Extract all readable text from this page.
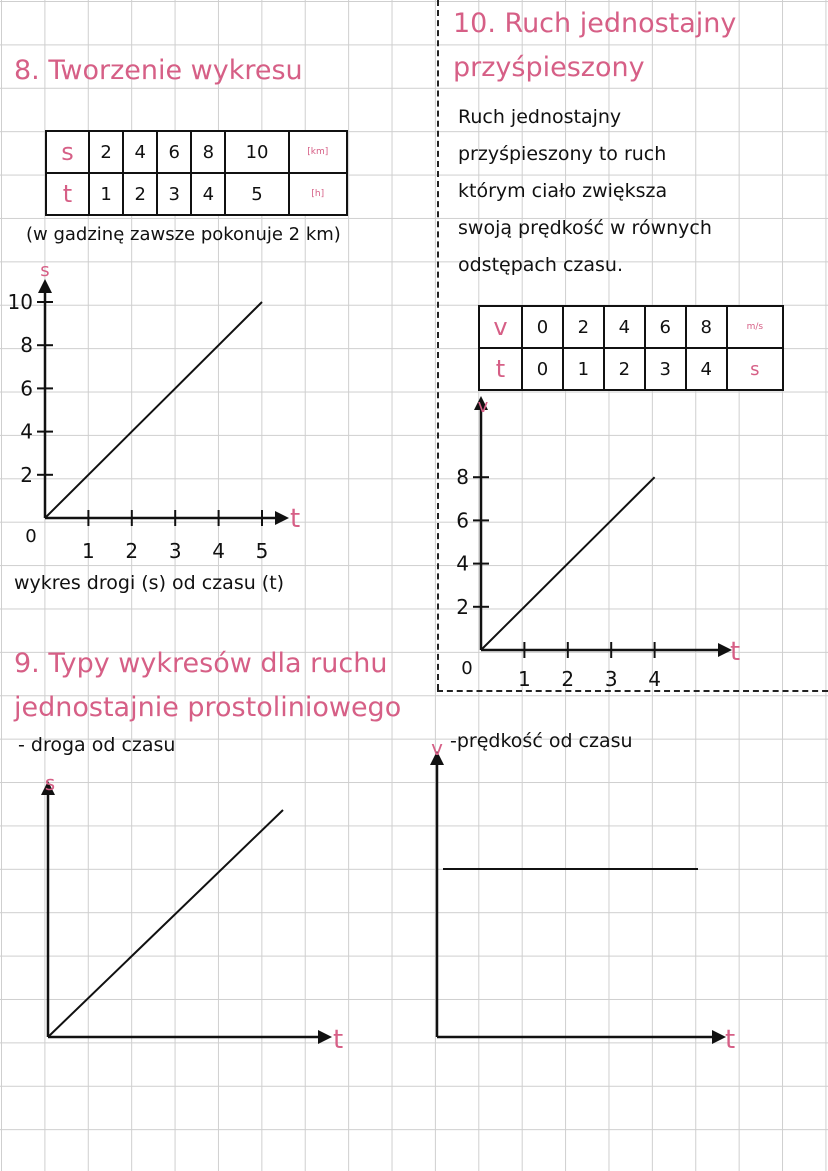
8. Tworzenie wykresu
s	2	4	6	8	10	[km]
t	1	2	3	4	5	[h]
(w gadzinę zawsze pokonuje 2 km)
wykres drogi (s) od czasu (t)
10. Ruch jednostajny
przyśpieszony
Ruch jednostajny
przyśpieszony to ruch
którym ciało zwiększa
swoją prędkość w równych
odstępach czasu.
v	0	2	4	6	8	m/s
t	0	1	2	3	4	s
9. Typy wykresów dla ruchu
jednostajnie prostoliniowego
- droga od czasu	-prędkość od czasu
t
s
0
1 2 3 4 5
2
4
6
8
10
t
v
0 1 2 3 4
2
4
6
8
t
s
t
v
